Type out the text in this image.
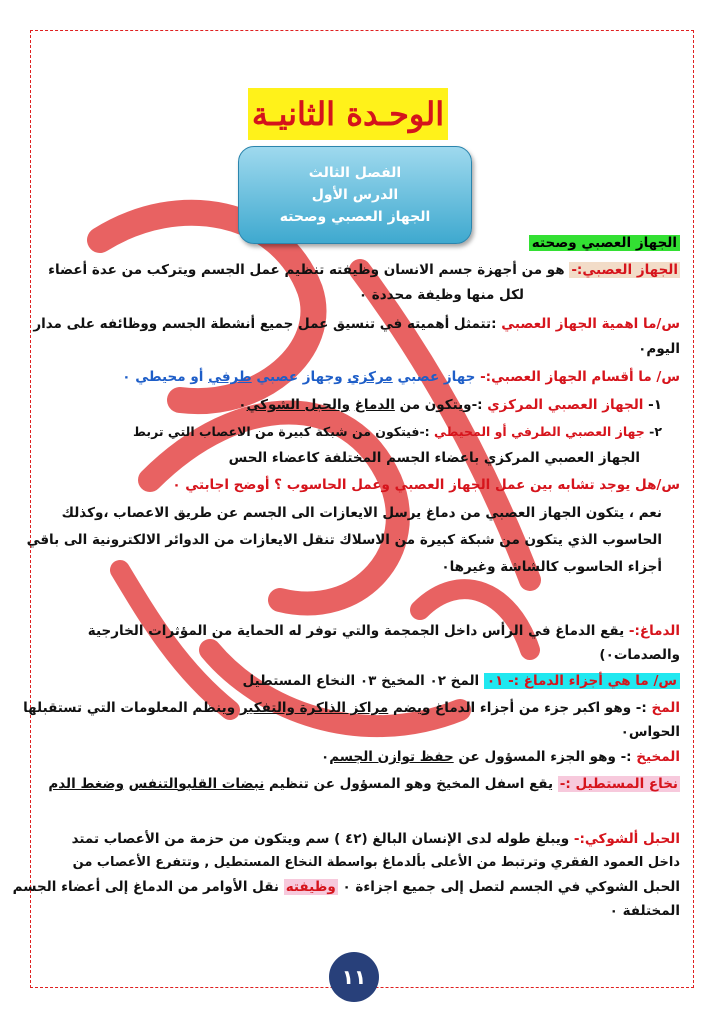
الوحـدة الثانيـة
الفصل الثالث
الدرس الأول
الجهاز العصبي وصحته
الجهاز العصبي وصحته
الجهاز العصبي:- هو من أجهزة جسم الانسان وظيفته تنظيم عمل الجسم ويتركب من عدة أعضاء
لكل منها وظيفة محددة ٠
س/ما اهمية الجهاز العصبي :تتمثل أهميته في تنسيق عمل جميع أنشطة الجسم ووظائفه على مدار
اليوم٠
س/ ما أقسام الجهاز العصبي:- جهاز عصبي مركزي وجهاز عصبي طرفي أو محيطي ٠
١- الجهاز العصبي المركزي :-ويتكون من الدماغ والحبل الشوكي٠
٢- جهاز العصبي الطرفي أو المحيطي :-فيتكون من شبكة كبيرة من الاعصاب التي تربط
الجهاز العصبي المركزي باعضاء الجسم المختلفة كاعضاء الحس
س/هل يوجد تشابه بين عمل الجهاز العصبي وعمل الحاسوب ؟ أوضح اجابتي ٠
نعم ، يتكون الجهاز العصبي من دماغ يرسل الايعازات الى الجسم عن طريق الاعصاب ،وكذلك
الحاسوب الذي يتكون من شبكة كبيرة من الاسلاك تنقل الايعازات من الدوائر الالكترونية الى باقي
أجزاء الحاسوب كالشاشة وغيرها٠
الدماغ:- يقع الدماغ في الرأس داخل الجمجمة والتي توفر له الحماية من المؤثرات الخارجية
والصدمات٠)
س/ ما هي أجزاء الدماغ :- ٠١ المخ ٠٢ المخيخ ٠٣ النخاع المستطيل
المخ :- وهو اكبر جزء من أجزاء الدماغ ويضم مراكز الذاكرة والتفكير وينظم المعلومات التي تستقبلها
الحواس٠
المخيخ :- وهو الجزء المسؤول عن حفظ توازن الجسم٠
نخاع المستطيل :- يقع اسفل المخيخ وهو المسؤول عن تنظيم نبضات القلبوالتنفس وضغط الدم
الحبل ألشوكي:- ويبلغ طوله لدى الإنسان البالغ (٤٢ ) سم ويتكون من حزمة من الأعصاب تمتد
داخل العمود الفقري وترتبط من الأعلى بألدماغ بواسطة النخاع المستطيل , وتتفرع الأعصاب من
الحبل الشوكي في الجسم لتصل إلى جميع اجزاءة ٠ وظيفته نقل الأوامر من الدماغ إلى أعضاء الجسم
المختلفة ٠
١١
